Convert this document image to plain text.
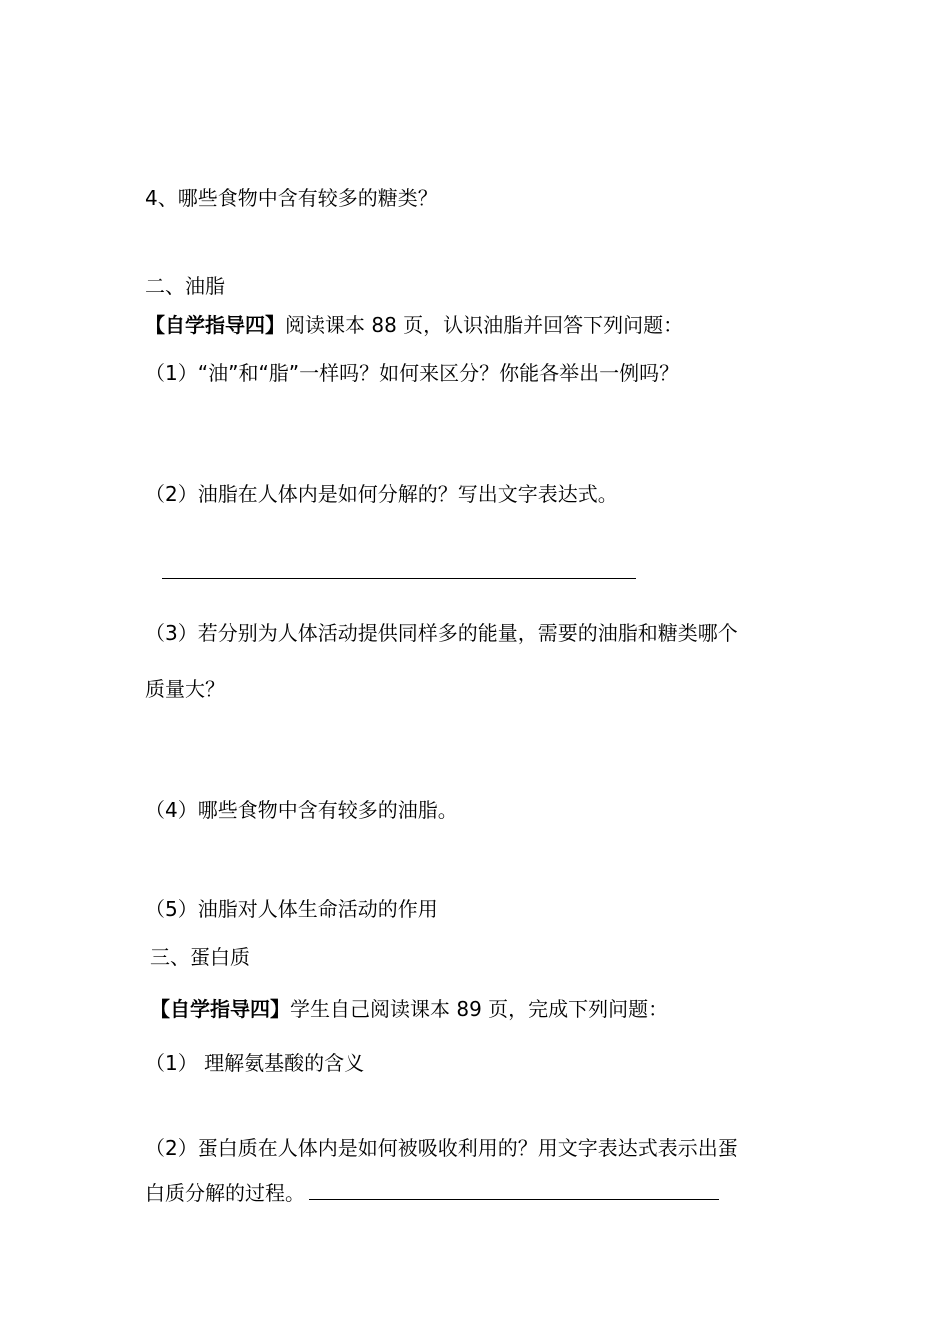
4、哪些食物中含有较多的糖类？
二、油脂
【自学指导四】阅读课本 88 页，认识油脂并回答下列问题：
（1）“油”和“脂”一样吗？如何来区分？你能各举出一例吗？
（2）油脂在人体内是如何分解的？写出文字表达式。
（3）若分别为人体活动提供同样多的能量，需要的油脂和糖类哪个
质量大？
（4）哪些食物中含有较多的油脂。
（5）油脂对人体生命活动的作用
三、蛋白质
【自学指导四】学生自己阅读课本 89 页，完成下列问题：
（1） 理解氨基酸的含义
（2）蛋白质在人体内是如何被吸收利用的？用文字表达式表示出蛋
白质分解的过程。
